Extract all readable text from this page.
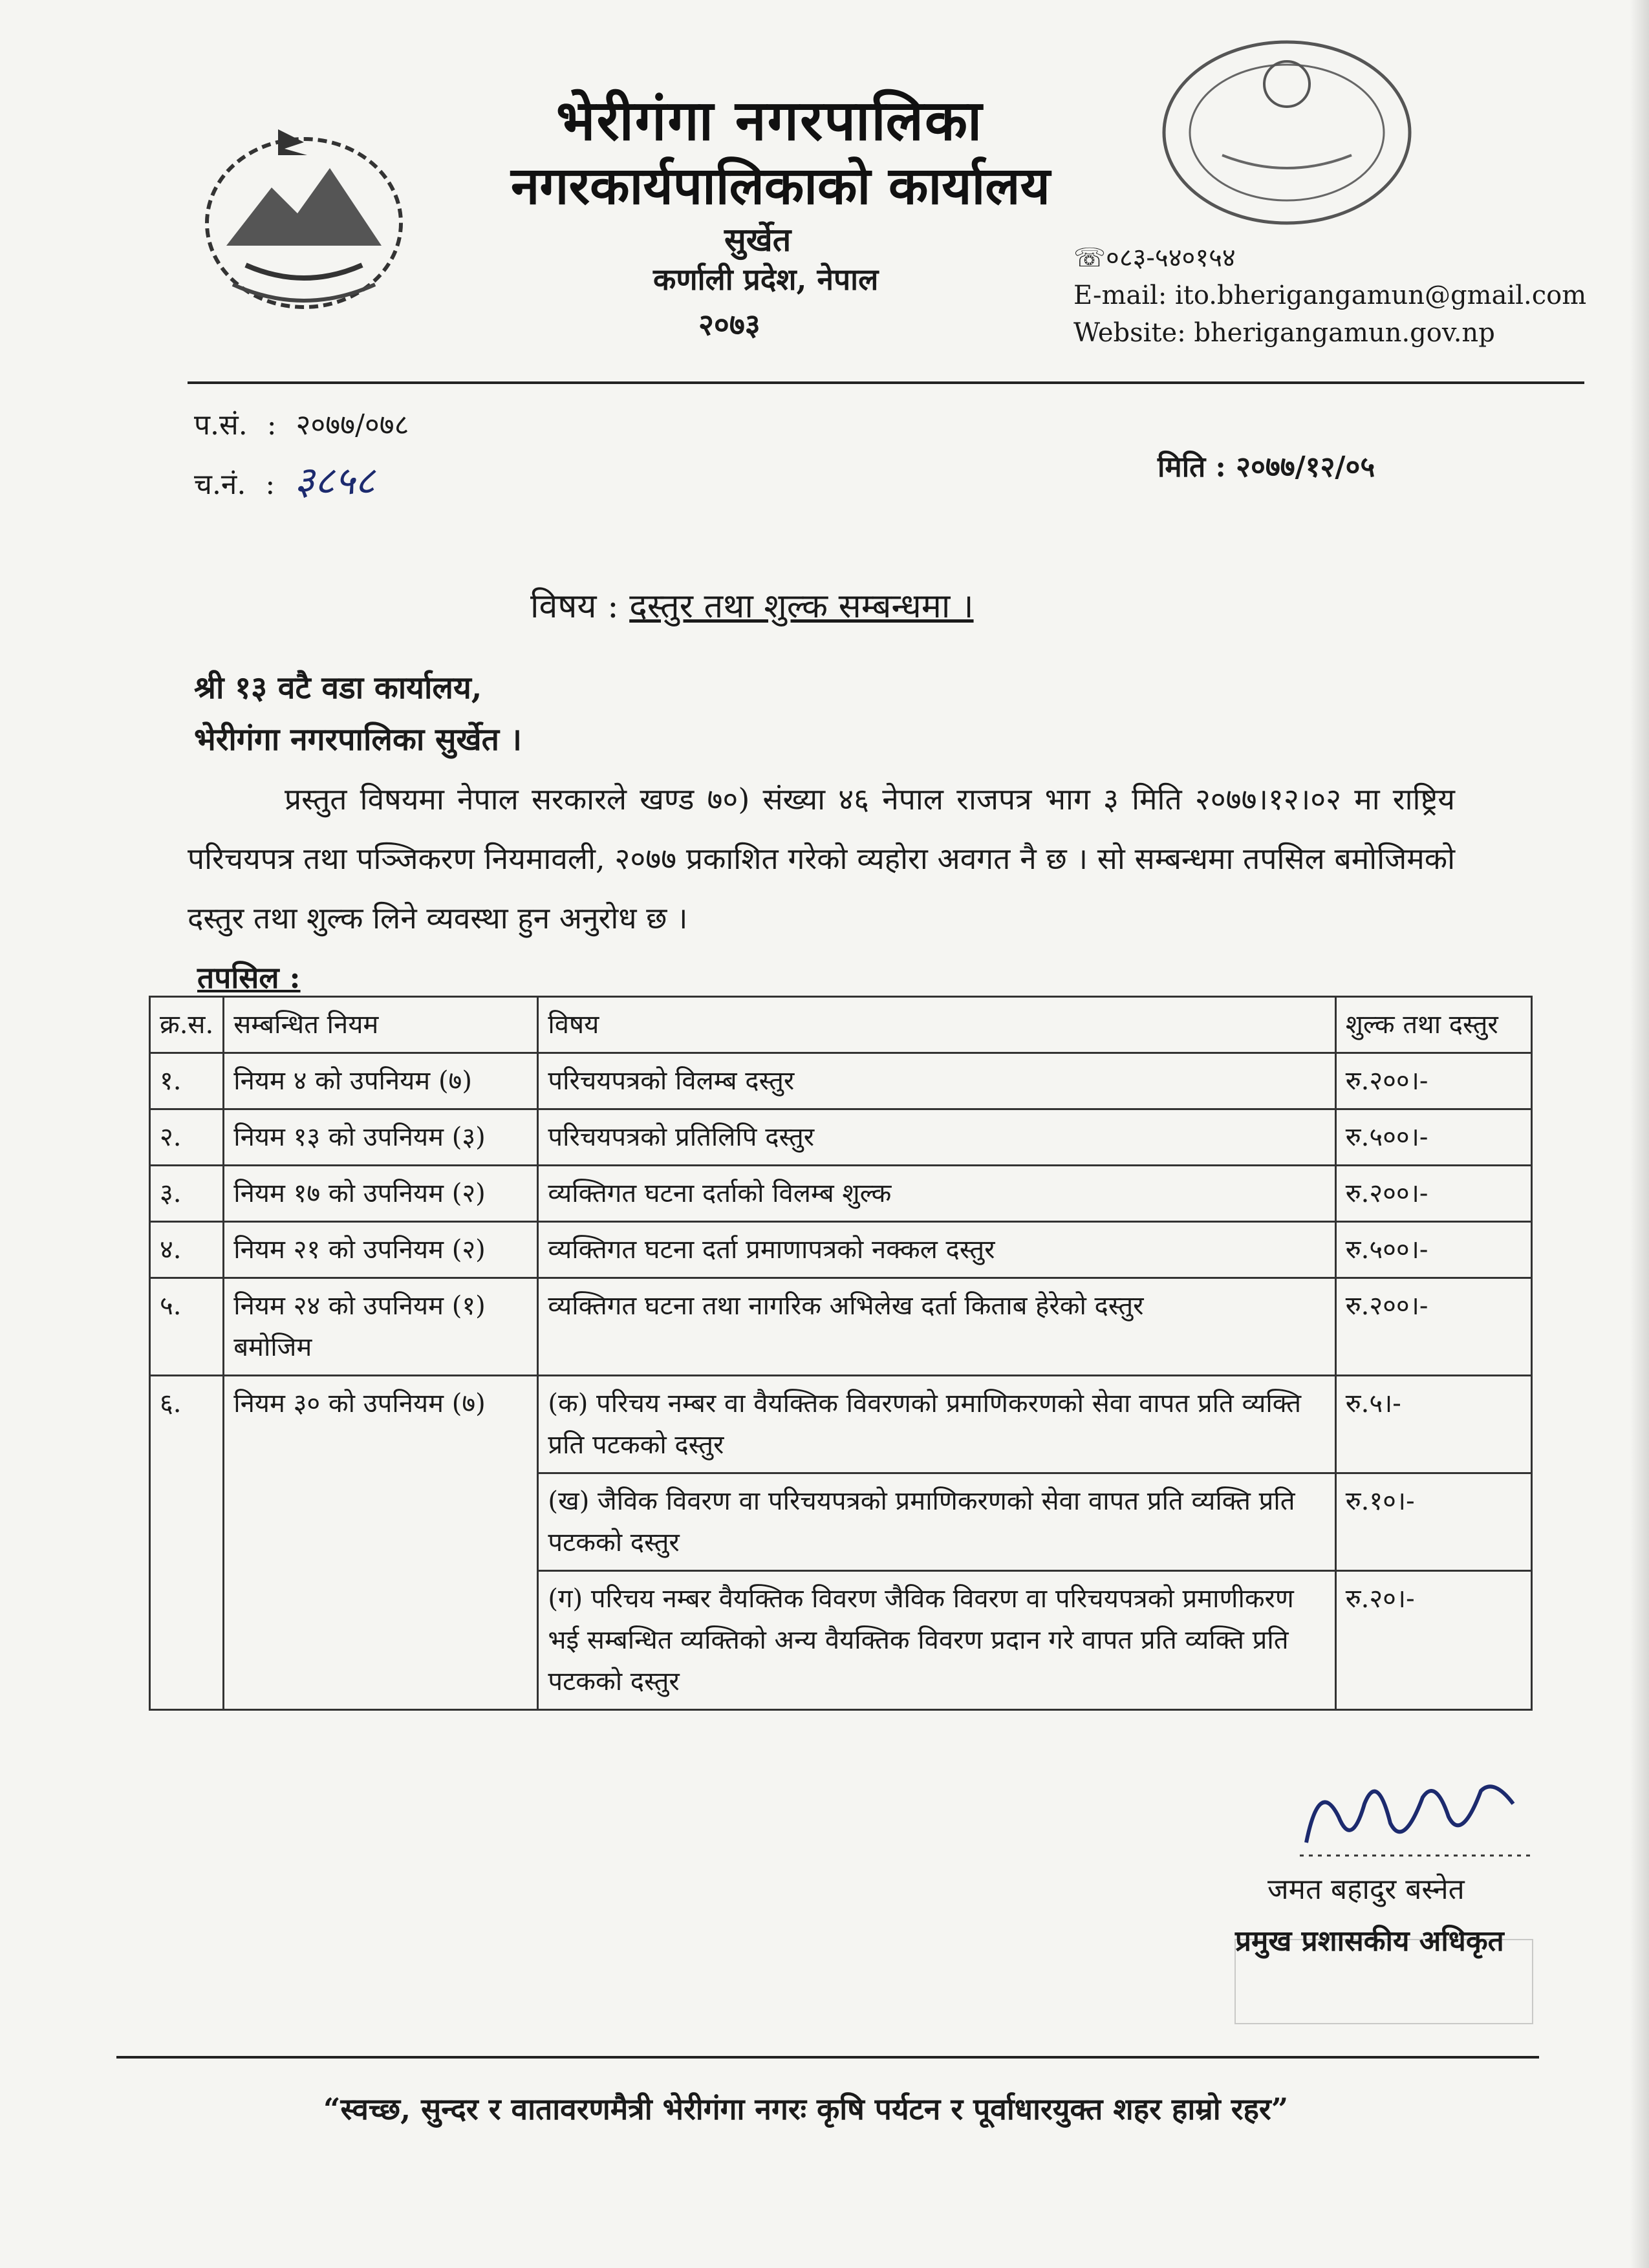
भेरीगंगा नगरपालिका
नगरकार्यपालिकाको कार्यालय
सुर्खेत
कर्णाली प्रदेश, नेपाल
२०७३
☏०८३-५४०१५४
E-mail: ito.bherigangamun@gmail.com
Website: bherigangamun.gov.np
प.सं. : २०७७/०७८
च.नं. : ३८५८	मिति : २०७७/१२/०५
विषय : दस्तुर तथा शुल्क सम्बन्धमा ।
श्री १३ वटै वडा कार्यालय,
भेरीगंगा नगरपालिका सुर्खेत ।
प्रस्तुत विषयमा नेपाल सरकारले खण्ड ७०) संख्या ४६ नेपाल राजपत्र भाग ३ मिति २०७७।१२।०२ मा राष्ट्रिय परिचयपत्र तथा पञ्जिकरण नियमावली, २०७७ प्रकाशित गरेको व्यहोरा अवगत नै छ । सो सम्बन्धमा तपसिल बमोजिमको दस्तुर तथा शुल्क लिने व्यवस्था हुन अनुरोध छ ।
तपसिल :
क्र.स.	सम्बन्धित नियम	विषय	शुल्क तथा दस्तुर
१.	नियम ४ को उपनियम (७)	परिचयपत्रको विलम्ब दस्तुर	रु.२००।-
२.	नियम १३ को उपनियम (३)	परिचयपत्रको प्रतिलिपि दस्तुर	रु.५००।-
३.	नियम १७ को उपनियम (२)	व्यक्तिगत घटना दर्ताको विलम्ब शुल्क	रु.२००।-
४.	नियम २१ को उपनियम (२)	व्यक्तिगत घटना दर्ता प्रमाणापत्रको नक्कल दस्तुर	रु.५००।-
५.	नियम २४ को उपनियम (१) बमोजिम	व्यक्तिगत घटना तथा नागरिक अभिलेख दर्ता किताब हेरेको दस्तुर	रु.२००।-
६.	नियम ३० को उपनियम (७)	(क) परिचय नम्बर वा वैयक्तिक विवरणको प्रमाणिकरणको सेवा वापत प्रति व्यक्ति प्रति पटकको दस्तुर	रु.५।-
		(ख) जैविक विवरण वा परिचयपत्रको प्रमाणिकरणको सेवा वापत प्रति व्यक्ति प्रति पटकको दस्तुर	रु.१०।-
		(ग) परिचय नम्बर वैयक्तिक विवरण जैविक विवरण वा परिचयपत्रको प्रमाणीकरण भई सम्बन्धित व्यक्तिको अन्य वैयक्तिक विवरण प्रदान गरे वापत प्रति व्यक्ति प्रति पटकको दस्तुर	रु.२०।-
जमत बहादुर बस्नेत
प्रमुख प्रशासकीय अधिकृत
“स्वच्छ, सुन्दर र वातावरणमैत्री भेरीगंगा नगरः कृषि पर्यटन र पूर्वाधारयुक्त शहर हाम्रो रहर”
